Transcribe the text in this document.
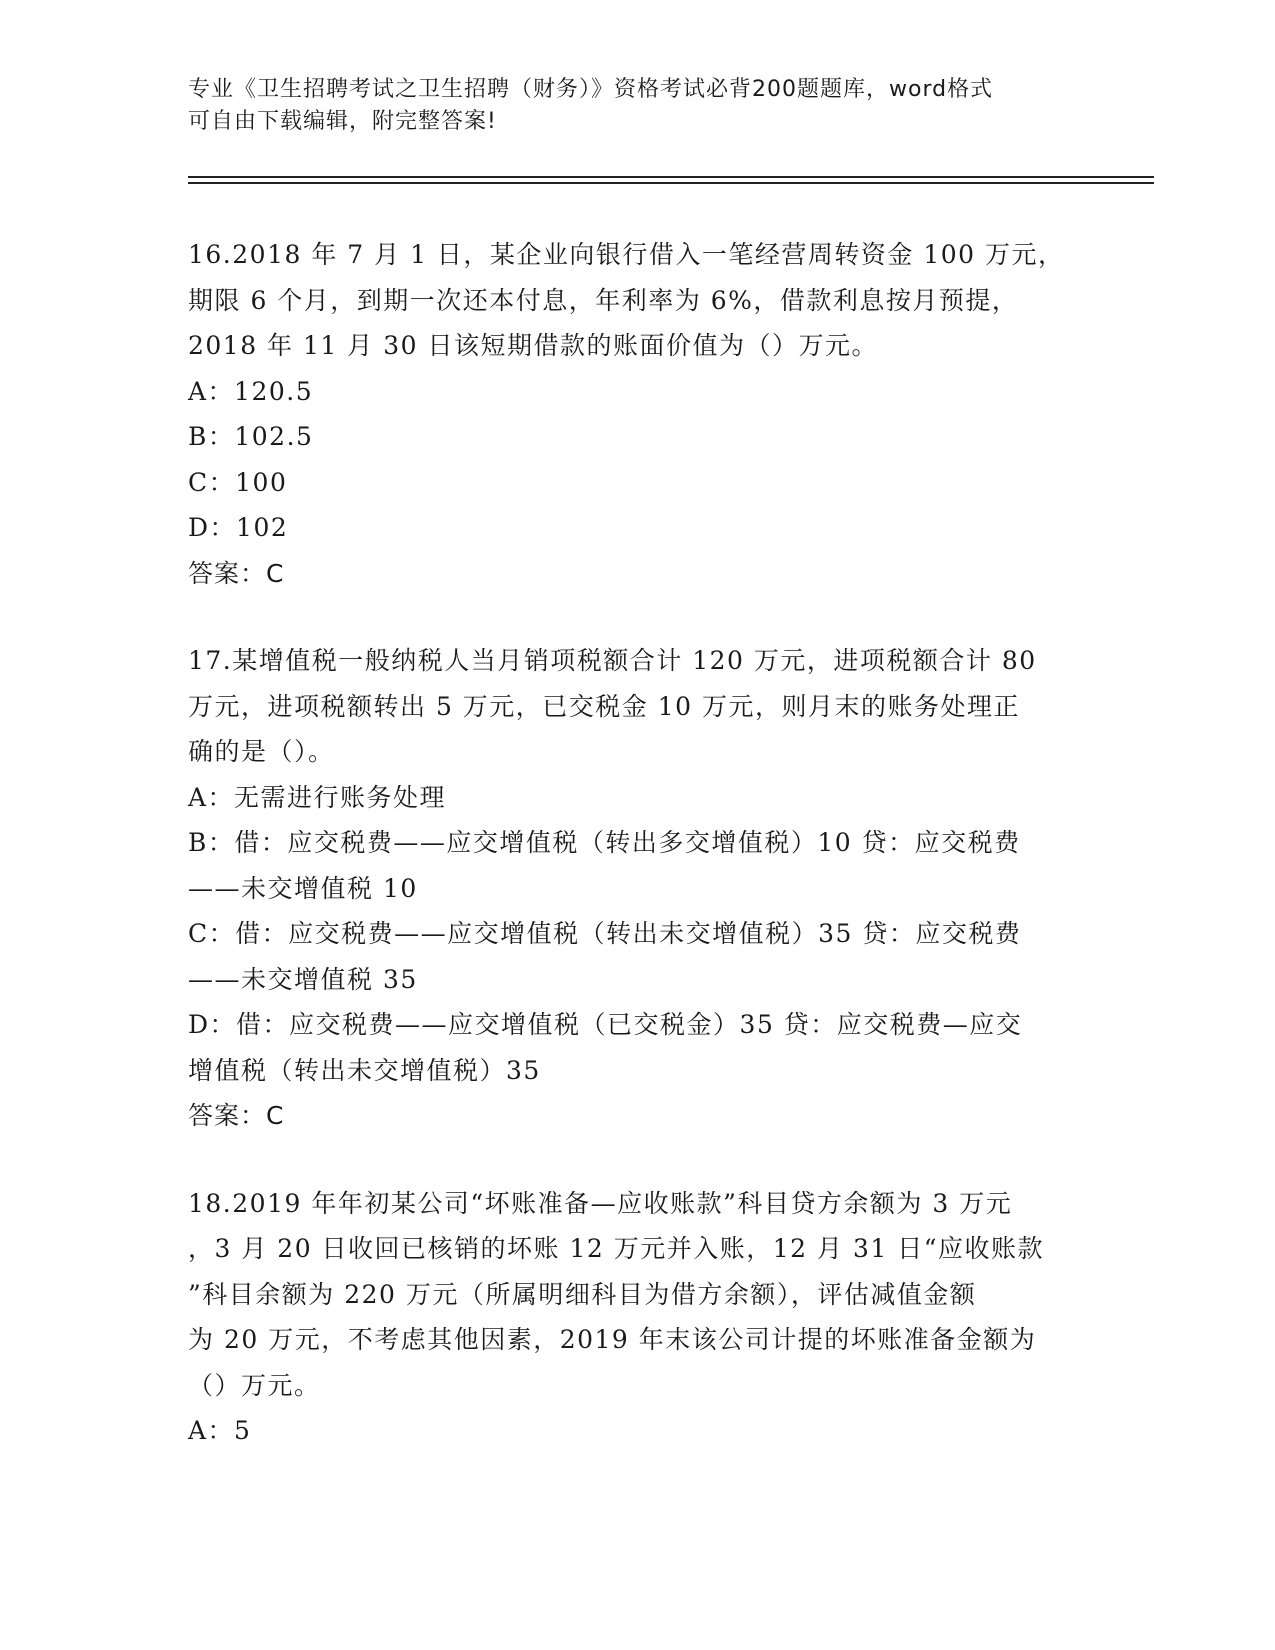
专业《卫生招聘考试之卫生招聘（财务）》资格考试必背200题题库，word格式
可自由下载编辑，附完整答案!
16.2018 年 7 月 1 日，某企业向银行借入一笔经营周转资金 100 万元，
期限 6 个月，到期一次还本付息，年利率为 6%，借款利息按月预提，
2018 年 11 月 30 日该短期借款的账面价值为（）万元。
A：120.5
B：102.5
C：100
D：102
答案：C
17.某增值税一般纳税人当月销项税额合计 120 万元，进项税额合计 80
万元，进项税额转出 5 万元，已交税金 10 万元，则月末的账务处理正
确的是（）。
A：无需进行账务处理
B：借：应交税费——应交增值税（转出多交增值税）10 贷：应交税费
——未交增值税 10
C：借：应交税费——应交增值税（转出未交增值税）35 贷：应交税费
——未交增值税 35
D：借：应交税费——应交增值税（已交税金）35 贷：应交税费—应交
增值税（转出未交增值税）35
答案：C
18.2019 年年初某公司“坏账准备—应收账款”科目贷方余额为 3 万元
，3 月 20 日收回已核销的坏账 12 万元并入账，12 月 31 日“应收账款
”科目余额为 220 万元（所属明细科目为借方余额），评估减值金额
为 20 万元，不考虑其他因素，2019 年末该公司计提的坏账准备金额为
（）万元。
A：5
